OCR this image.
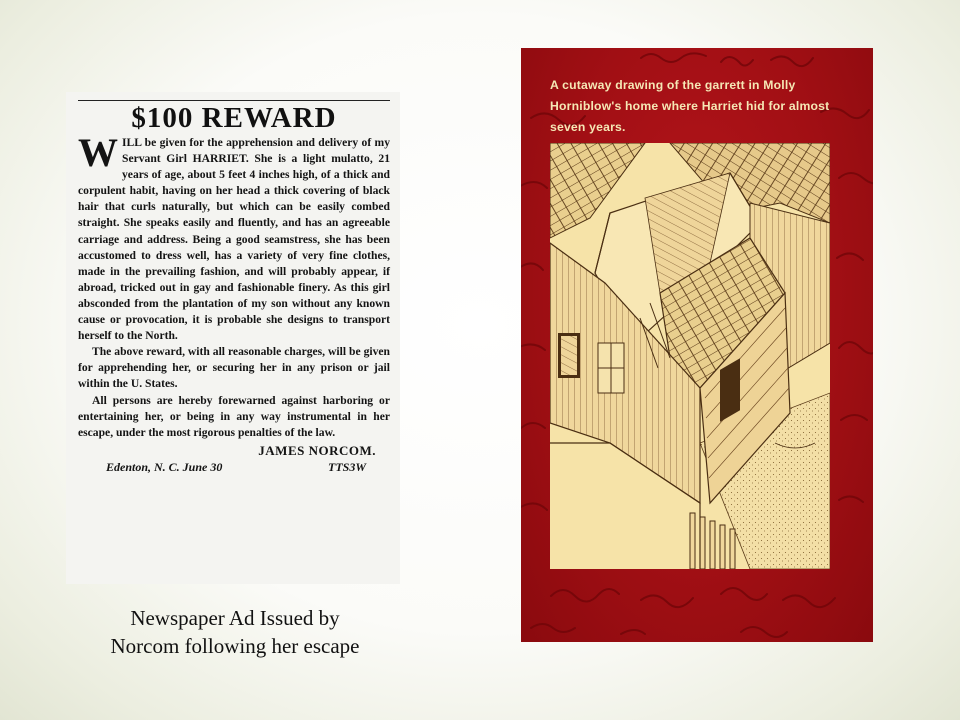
$100 REWARD

WILL be given for the apprehension and delivery of my Servant Girl HARRIET. She is a light mulatto, 21 years of age, about 5 feet 4 inches high, of a thick and corpulent habit, having on her head a thick covering of black hair that curls naturally, but which can be easily combed straight. She speaks easily and fluently, and has an agreeable carriage and address. Being a good seamstress, she has been accustomed to dress well, has a variety of very fine clothes, made in the prevailing fashion, and will probably appear, if abroad, tricked out in gay and fashionable finery. As this girl absconded from the plantation of my son without any known cause or provocation, it is probable she designs to transport herself to the North.

The above reward, with all reasonable charges, will be given for apprehending her, or securing her in any prison or jail within the U. States.

All persons are hereby forewarned against harboring or entertaining her, or being in any way instrumental in her escape, under the most rigorous penalties of the law.

JAMES NORCOM.
Edenton, N. C. June 30	TTS3W
Newspaper Ad Issued by
Norcom following her escape
A cutaway drawing of the garrett in Molly Horniblow's home where Harriet hid for almost seven years.
